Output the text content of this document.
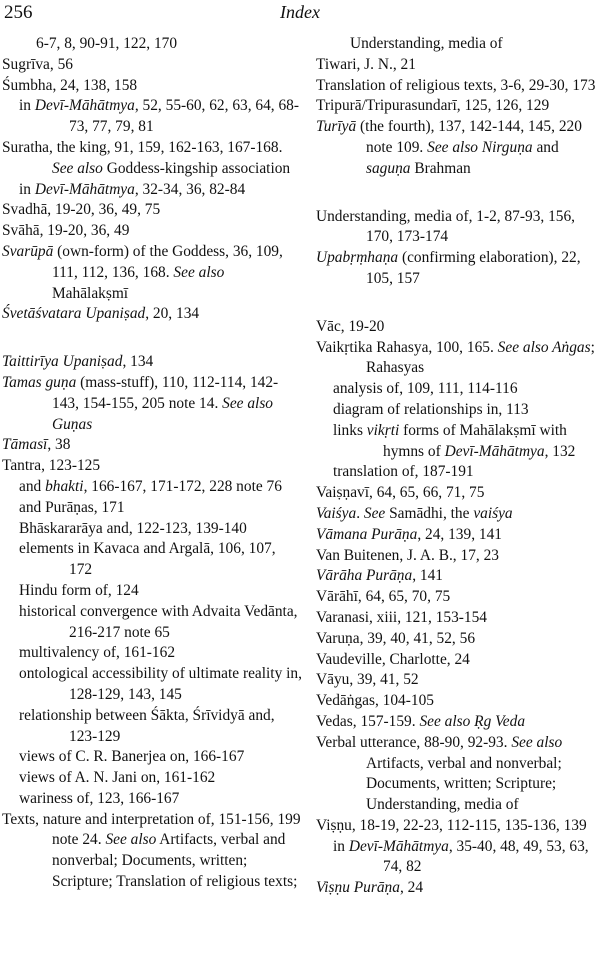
256	Index
6-7, 8, 90-91, 122, 170
Sugrīva, 56
Śumbha, 24, 138, 158
in Devī-Māhātmya, 52, 55-60, 62, 63, 64, 68-73, 77, 79, 81
Suratha, the king, 91, 159, 162-163, 167-168. See also Goddess-kingship association
in Devī-Māhātmya, 32-34, 36, 82-84
Svadhā, 19-20, 36, 49, 75
Svāhā, 19-20, 36, 49
Svarūpā (own-form) of the Goddess, 36, 109, 111, 112, 136, 168. See also Mahālakṣmī
Śvetāśvatara Upaniṣad, 20, 134
Taittirīya Upaniṣad, 134
Tamas guṇa (mass-stuff), 110, 112-114, 142-143, 154-155, 205 note 14. See also Guṇas
Tāmasī, 38
Tantra, 123-125
and bhakti, 166-167, 171-172, 228 note 76
and Purāṇas, 171
Bhāskararāya and, 122-123, 139-140
elements in Kavaca and Argalā, 106, 107, 172
Hindu form of, 124
historical convergence with Advaita Vedānta, 216-217 note 65
multivalency of, 161-162
ontological accessibility of ultimate reality in, 128-129, 143, 145
relationship between Śākta, Śrīvidyā and, 123-129
views of C. R. Banerjea on, 166-167
views of A. N. Jani on, 161-162
wariness of, 123, 166-167
Texts, nature and interpretation of, 151-156, 199 note 24. See also Artifacts, verbal and nonverbal; Documents, written; Scripture; Translation of religious texts;
Understanding, media of
Tiwari, J. N., 21
Translation of religious texts, 3-6, 29-30, 173
Tripurā/Tripurasundarī, 125, 126, 129
Turīyā (the fourth), 137, 142-144, 145, 220 note 109. See also Nirguṇa and saguṇa Brahman
Understanding, media of, 1-2, 87-93, 156, 170, 173-174
Upabṛṃhaṇa (confirming elaboration), 22, 105, 157
Vāc, 19-20
Vaikṛtika Rahasya, 100, 165. See also Aṅgas; Rahasyas
analysis of, 109, 111, 114-116
diagram of relationships in, 113
links vikṛti forms of Mahālakṣmī with hymns of Devī-Māhātmya, 132
translation of, 187-191
Vaiṣṇavī, 64, 65, 66, 71, 75
Vaiśya. See Samādhi, the vaiśya
Vāmana Purāṇa, 24, 139, 141
Van Buitenen, J. A. B., 17, 23
Vārāha Purāṇa, 141
Vārāhī, 64, 65, 70, 75
Varanasi, xiii, 121, 153-154
Varuṇa, 39, 40, 41, 52, 56
Vaudeville, Charlotte, 24
Vāyu, 39, 41, 52
Vedāṅgas, 104-105
Vedas, 157-159. See also Ṛg Veda
Verbal utterance, 88-90, 92-93. See also Artifacts, verbal and nonverbal; Documents, written; Scripture; Understanding, media of
Viṣṇu, 18-19, 22-23, 112-115, 135-136, 139
in Devī-Māhātmya, 35-40, 48, 49, 53, 63, 74, 82
Viṣṇu Purāṇa, 24
